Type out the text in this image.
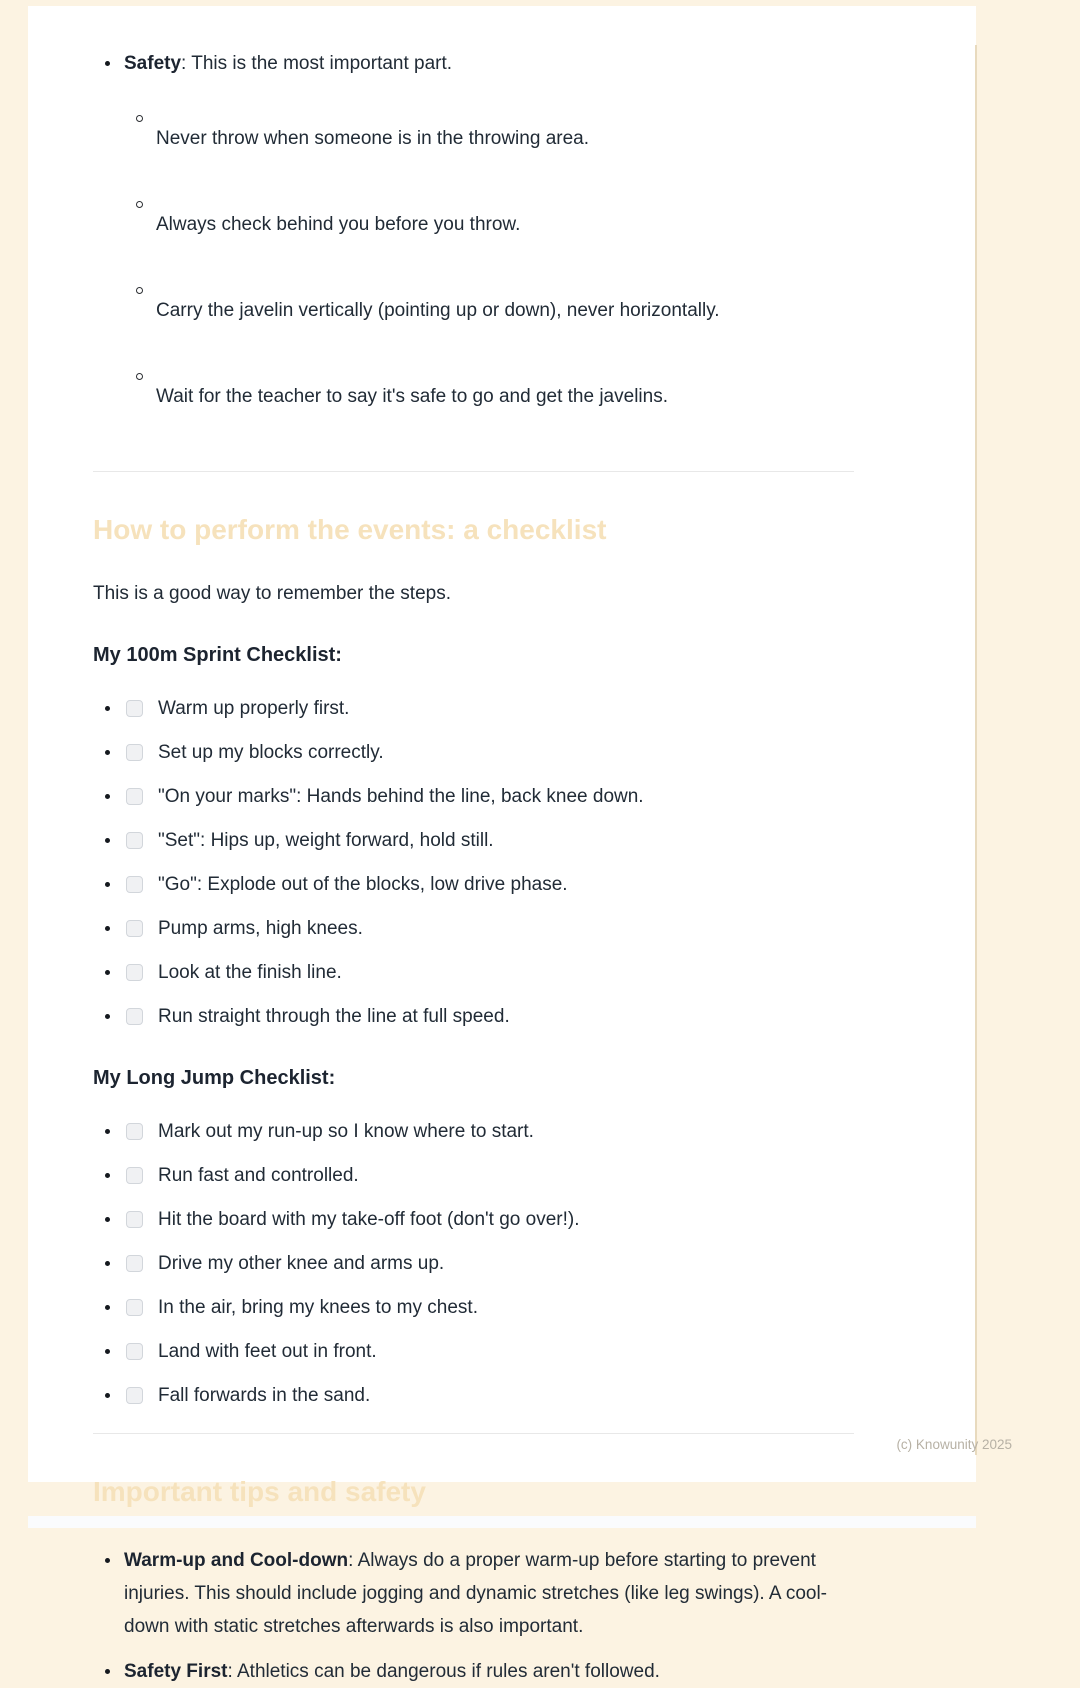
Safety: This is the most important part.

Never throw when someone is in the throwing area.

Always check behind you before you throw.

Carry the javelin vertically (pointing up or down), never horizontally.

Wait for the teacher to say it's safe to go and get the javelins.

How to perform the events: a checklist

This is a good way to remember the steps.

My 100m Sprint Checklist:
Warm up properly first.
Set up my blocks correctly.
"On your marks": Hands behind the line, back knee down.
"Set": Hips up, weight forward, hold still.
"Go": Explode out of the blocks, low drive phase.
Pump arms, high knees.
Look at the finish line.
Run straight through the line at full speed.
My Long Jump Checklist:
Mark out my run-up so I know where to start.
Run fast and controlled.
Hit the board with my take-off foot (don't go over!).
Drive my other knee and arms up.
In the air, bring my knees to my chest.
Land with feet out in front.
Fall forwards in the sand.
Important tips and safety

Warm-up and Cool-down: Always do a proper warm-up before starting to prevent injuries. This should include jogging and dynamic stretches (like leg swings). A cool-down with static stretches afterwards is also important.

Safety First: Athletics can be dangerous if rules aren't followed.

(c) Knowunity 2025
